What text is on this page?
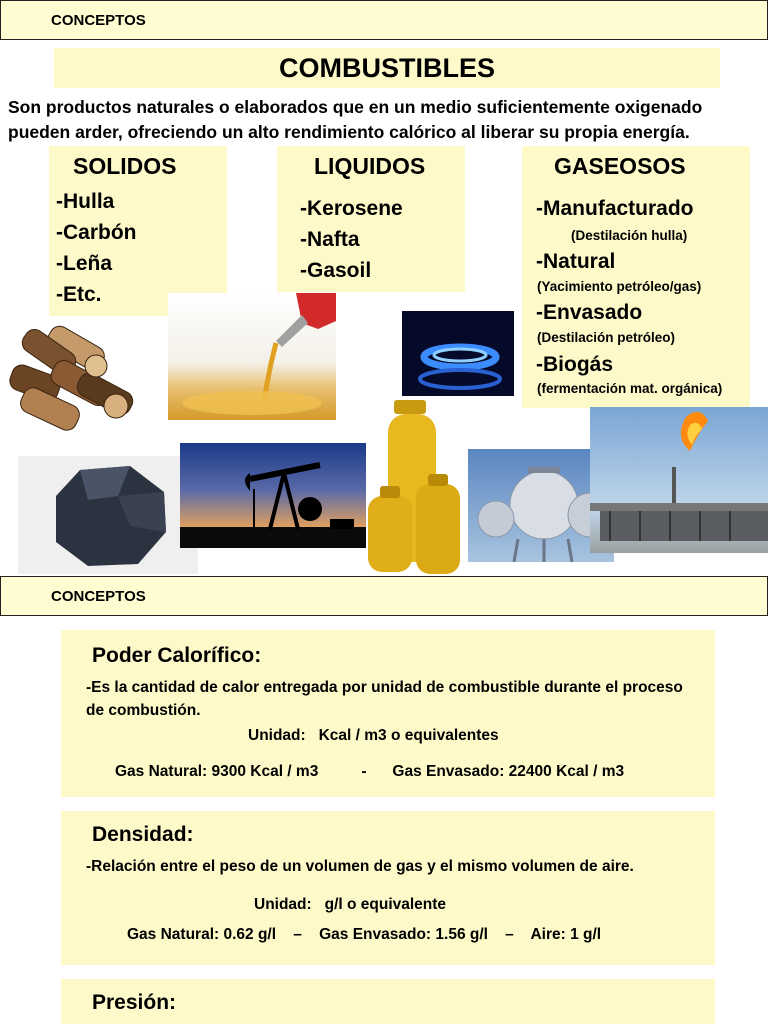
CONCEPTOS
COMBUSTIBLES
Son productos naturales o elaborados que en un medio suficientemente oxigenado pueden arder, ofreciendo un alto rendimiento calórico al liberar su propia energía.
SOLIDOS
-Hulla
-Carbón
-Leña
-Etc.
LIQUIDOS
-Kerosene
-Nafta
-Gasoil
GASEOSOS
-Manufacturado
(Destilación hulla)
-Natural
(Yacimiento petróleo/gas)
-Envasado
(Destilación petróleo)
-Biogás
(fermentación mat. orgánica)
CONCEPTOS
Poder Calorífico:
-Es la cantidad de calor entregada por unidad de combustible durante el proceso de combustión.
Unidad:   Kcal / m3 o equivalentes
Gas Natural: 9300 Kcal / m3          -      Gas Envasado: 22400 Kcal / m3
Densidad:
-Relación entre el peso de un volumen de gas y el mismo volumen de aire.
Unidad:   g/l o equivalente
Gas Natural: 0.62 g/l    –    Gas Envasado: 1.56 g/l    –    Aire: 1 g/l
Presión:
